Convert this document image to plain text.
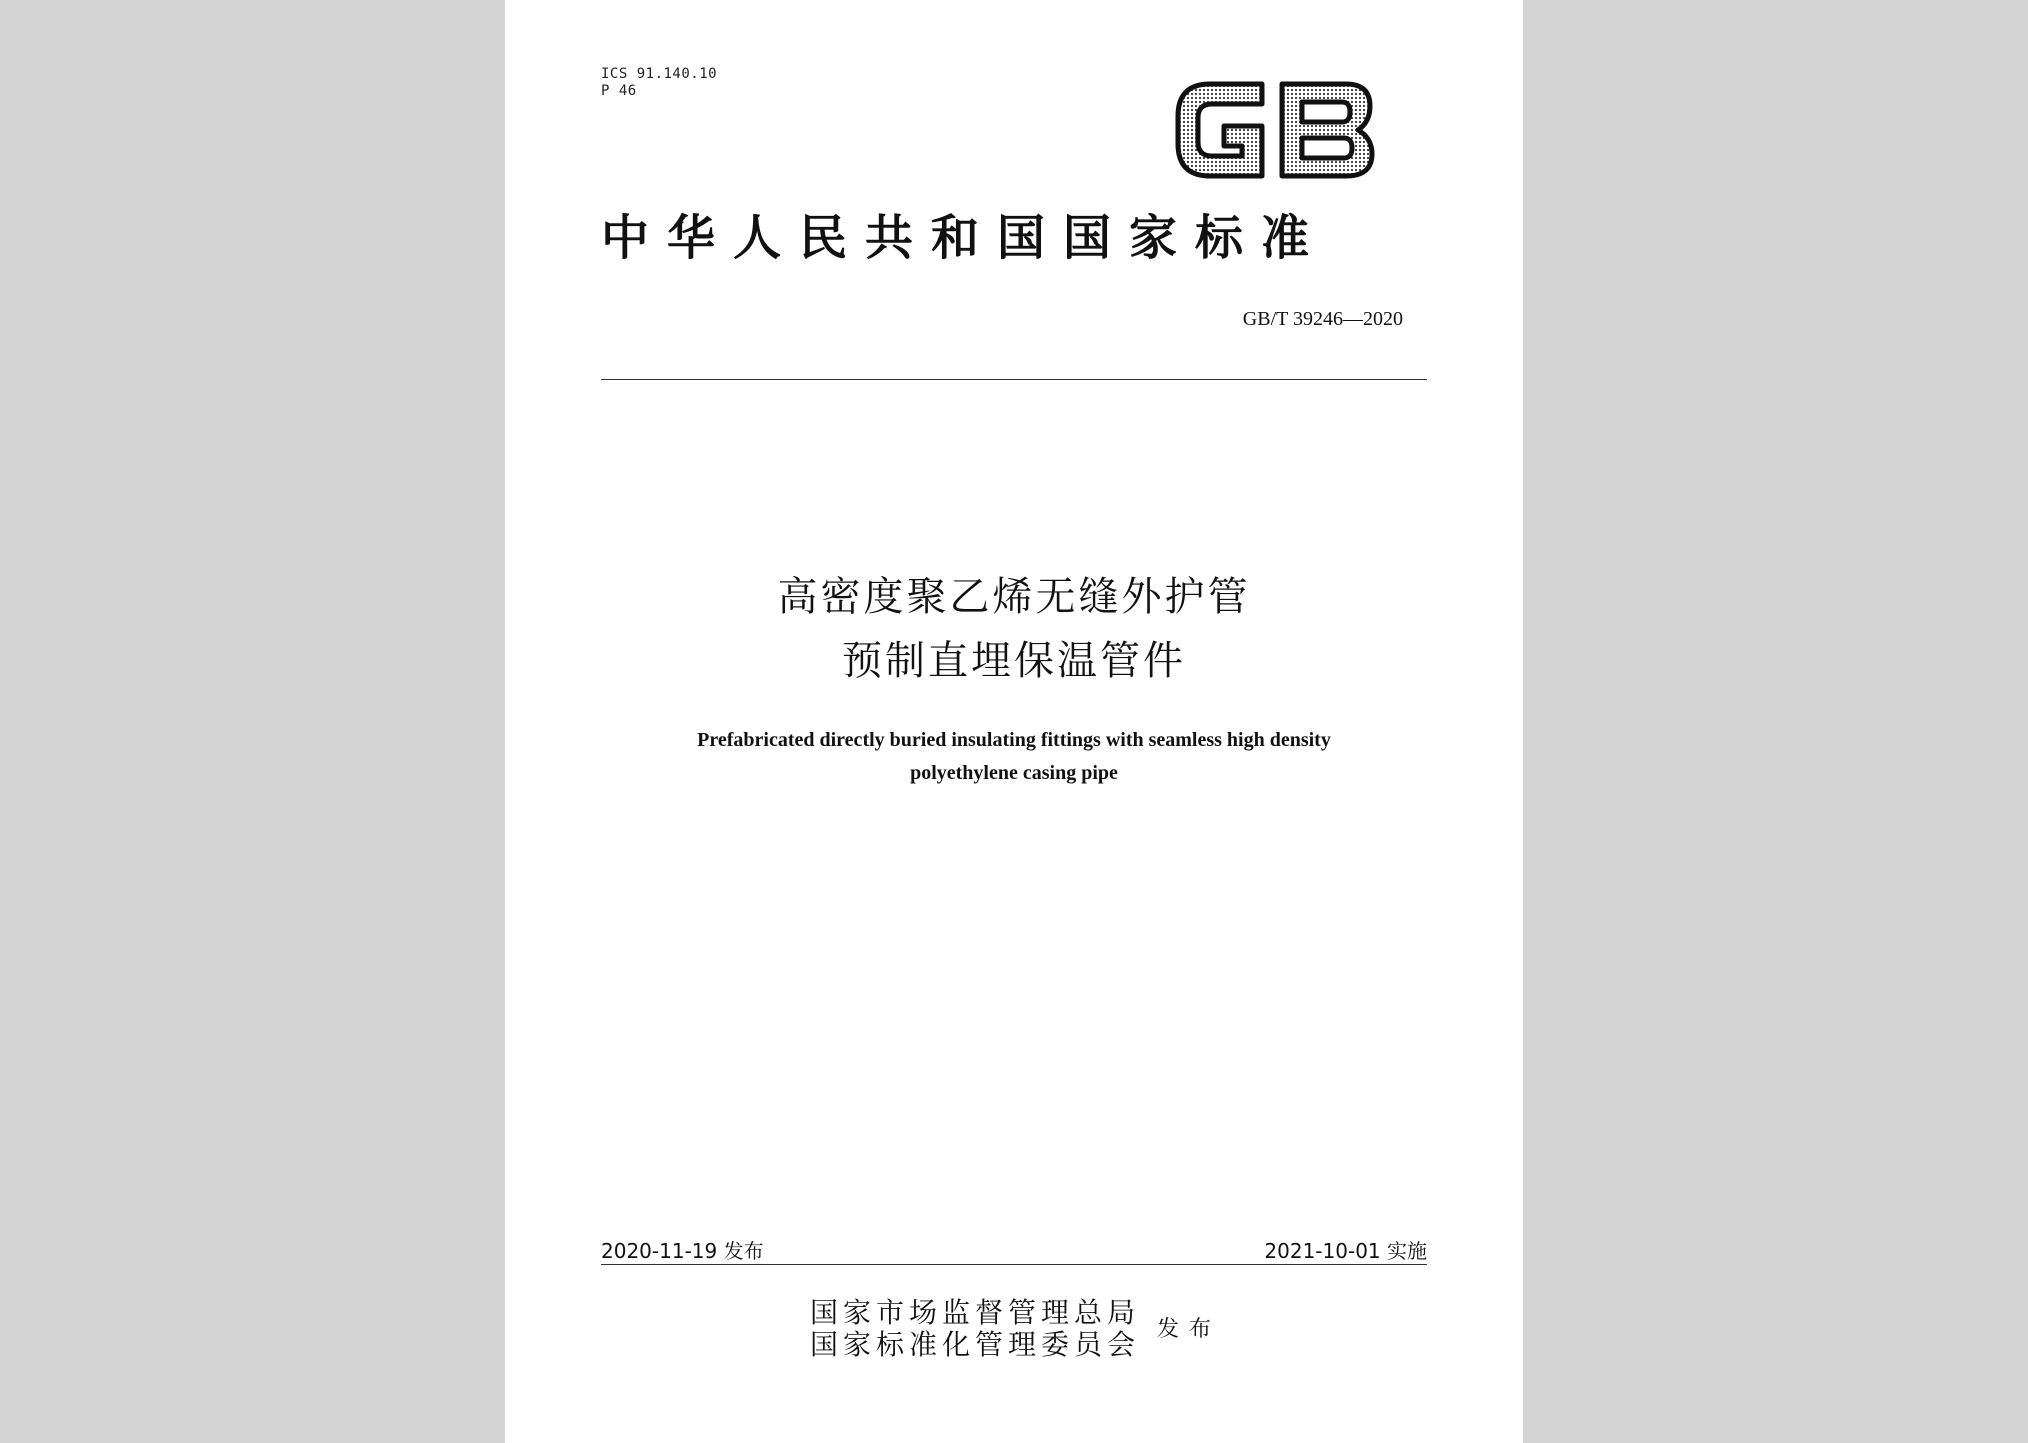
ICS 91.140.10
P 46
中华人民共和国国家标准
GB/T 39246—2020
高密度聚乙烯无缝外护管
预制直埋保温管件
Prefabricated directly buried insulating fittings with seamless high density
polyethylene casing pipe
2020-11-19 发布	2021-10-01 实施
国家市场监督管理总局
国家标准化管理委员会 发布
